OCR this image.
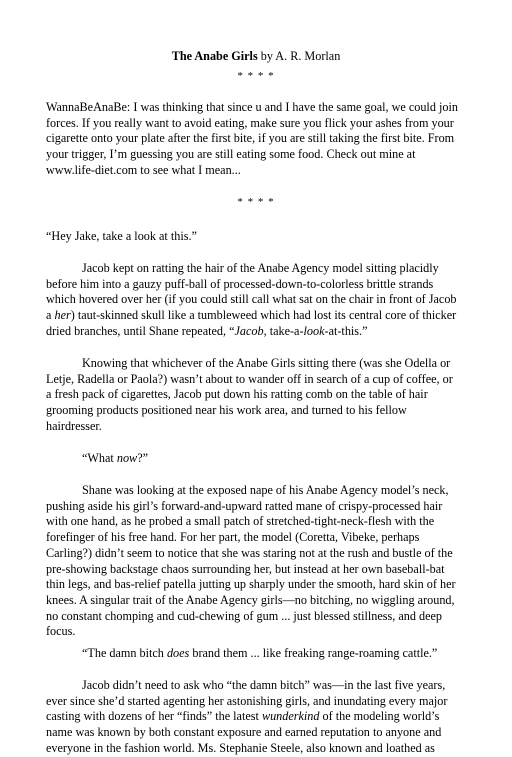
The Anabe Girls by A. R. Morlan
* * * *

WannaBeAnaBe: I was thinking that since u and I have the same goal, we could join
forces. If you really want to avoid eating, make sure you flick your ashes from your
cigarette onto your plate after the first bite, if you are still taking the first bite. From
your trigger, I’m guessing you are still eating some food. Check out mine at
www.life-diet.com to see what I mean...

* * * *

“Hey Jake, take a look at this.”

Jacob kept on ratting the hair of the Anabe Agency model sitting placidly
before him into a gauzy puff-ball of processed-down-to-colorless brittle strands
which hovered over her (if you could still call what sat on the chair in front of Jacob
a her) taut-skinned skull like a tumbleweed which had lost its central core of thicker
dried branches, until Shane repeated, “Jacob, take-a-look-at-this.”

Knowing that whichever of the Anabe Girls sitting there (was she Odella or
Letje, Radella or Paola?) wasn’t about to wander off in search of a cup of coffee, or
a fresh pack of cigarettes, Jacob put down his ratting comb on the table of hair
grooming products positioned near his work area, and turned to his fellow
hairdresser.

“What now?”

Shane was looking at the exposed nape of his Anabe Agency model’s neck,
pushing aside his girl’s forward-and-upward ratted mane of crispy-processed hair
with one hand, as he probed a small patch of stretched-tight-neck-flesh with the
forefinger of his free hand. For her part, the model (Coretta, Vibeke, perhaps
Carling?) didn’t seem to notice that she was staring not at the rush and bustle of the
pre-showing backstage chaos surrounding her, but instead at her own baseball-bat
thin legs, and bas-relief patella jutting up sharply under the smooth, hard skin of her
knees. A singular trait of the Anabe Agency girls—no bitching, no wiggling around,
no constant chomping and cud-chewing of gum ... just blessed stillness, and deep
focus.

“The damn bitch does brand them ... like freaking range-roaming cattle.”

Jacob didn’t need to ask who “the damn bitch” was—in the last five years,
ever since she’d started agenting her astonishing girls, and inundating every major
casting with dozens of her “finds” the latest wunderkind of the modeling world’s
name was known by both constant exposure and earned reputation to anyone and
everyone in the fashion world. Ms. Stephanie Steele, also known and loathed as
